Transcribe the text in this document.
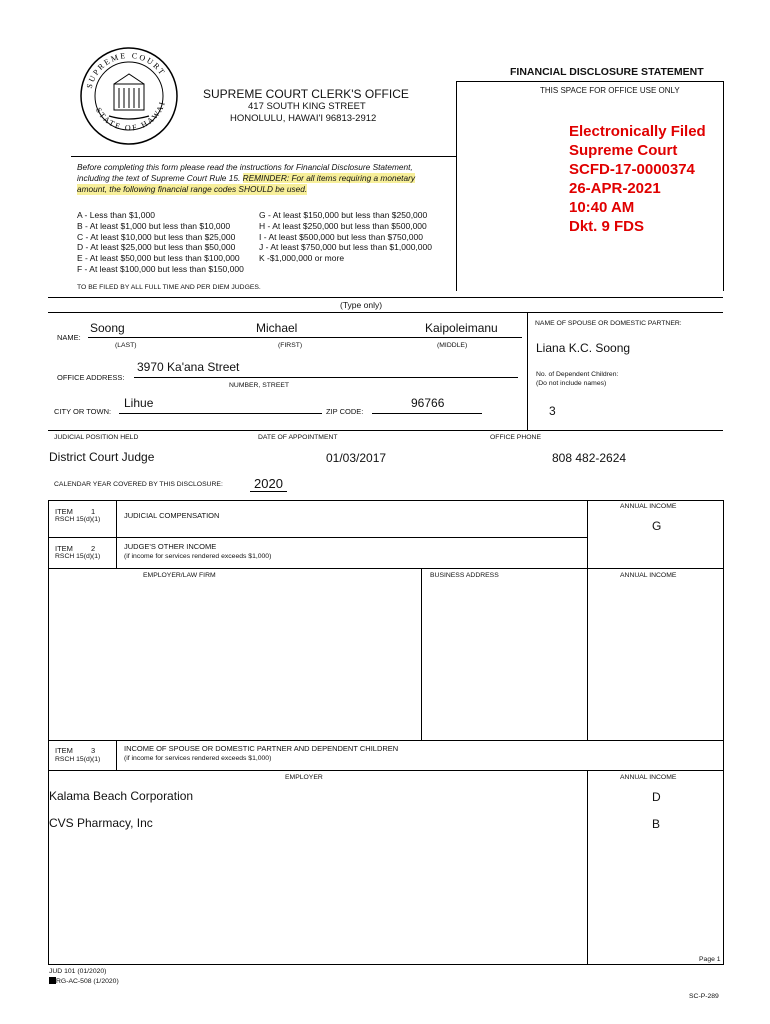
SUPREME COURT
STATE OF HAWAI
FINANCIAL DISCLOSURE STATEMENT
SUPREME COURT CLERK'S OFFICE
417 SOUTH KING STREET
HONOLULU, HAWAI'I 96813-2912
THIS SPACE FOR OFFICE USE ONLY
Electronically Filed
Supreme Court
SCFD-17-0000374
26-APR-2021
10:40 AM
Dkt. 9 FDS
Before completing this form please read the instructions for Financial Disclosure Statement,
including the text of Supreme Court Rule 15. REMINDER: For all items requiring a monetary
amount, the following financial range codes SHOULD be used.
A - Less than $1,000
B - At least $1,000 but less than $10,000
C - At least $10,000 but less than $25,000
D - At least $25,000 but less than $50,000
E - At least $50,000 but less than $100,000
F - At least $100,000 but less than $150,000
G - At least $150,000 but less than $250,000
H - At least $250,000 but less than $500,000
I - At least $500,000 but less than $750,000
J - At least $750,000 but less than $1,000,000
K -$1,000,000 or more
TO BE FILED BY ALL FULL TIME AND PER DIEM JUDGES.
(Type only)
NAME:
Soong	Michael	Kaipoleimanu
(LAST)	(FIRST)	(MIDDLE)
NAME OF SPOUSE OR DOMESTIC PARTNER:
Liana K.C. Soong
No. of Dependent Children:
(Do not include names)
3
OFFICE ADDRESS:
3970 Ka'ana Street
NUMBER, STREET
CITY OR TOWN:
Lihue
ZIP CODE:
96766
JUDICIAL POSITION HELD	DATE OF APPOINTMENT	OFFICE PHONE
District Court Judge	01/03/2017	808 482-2624
CALENDAR YEAR COVERED BY THIS DISCLOSURE: 2020
ITEM 1
RSCH 15(d)(1)	JUDICIAL COMPENSATION
ANNUAL INCOME
G
ITEM 2
RSCH 15(d)(1)
JUDGE'S OTHER INCOME
(if income for services rendered exceeds $1,000)
EMPLOYER/LAW FIRM	BUSINESS ADDRESS	ANNUAL INCOME
ITEM 3
RSCH 15(d)(1)
INCOME OF SPOUSE OR DOMESTIC PARTNER AND DEPENDENT CHILDREN
(if income for services rendered exceeds $1,000)
EMPLOYER	ANNUAL INCOME
Kalama Beach Corporation	D
CVS Pharmacy, Inc	B
Page 1
JUD 101 (01/2020)
RG-AC-508 (1/2020)
SC-P-289
